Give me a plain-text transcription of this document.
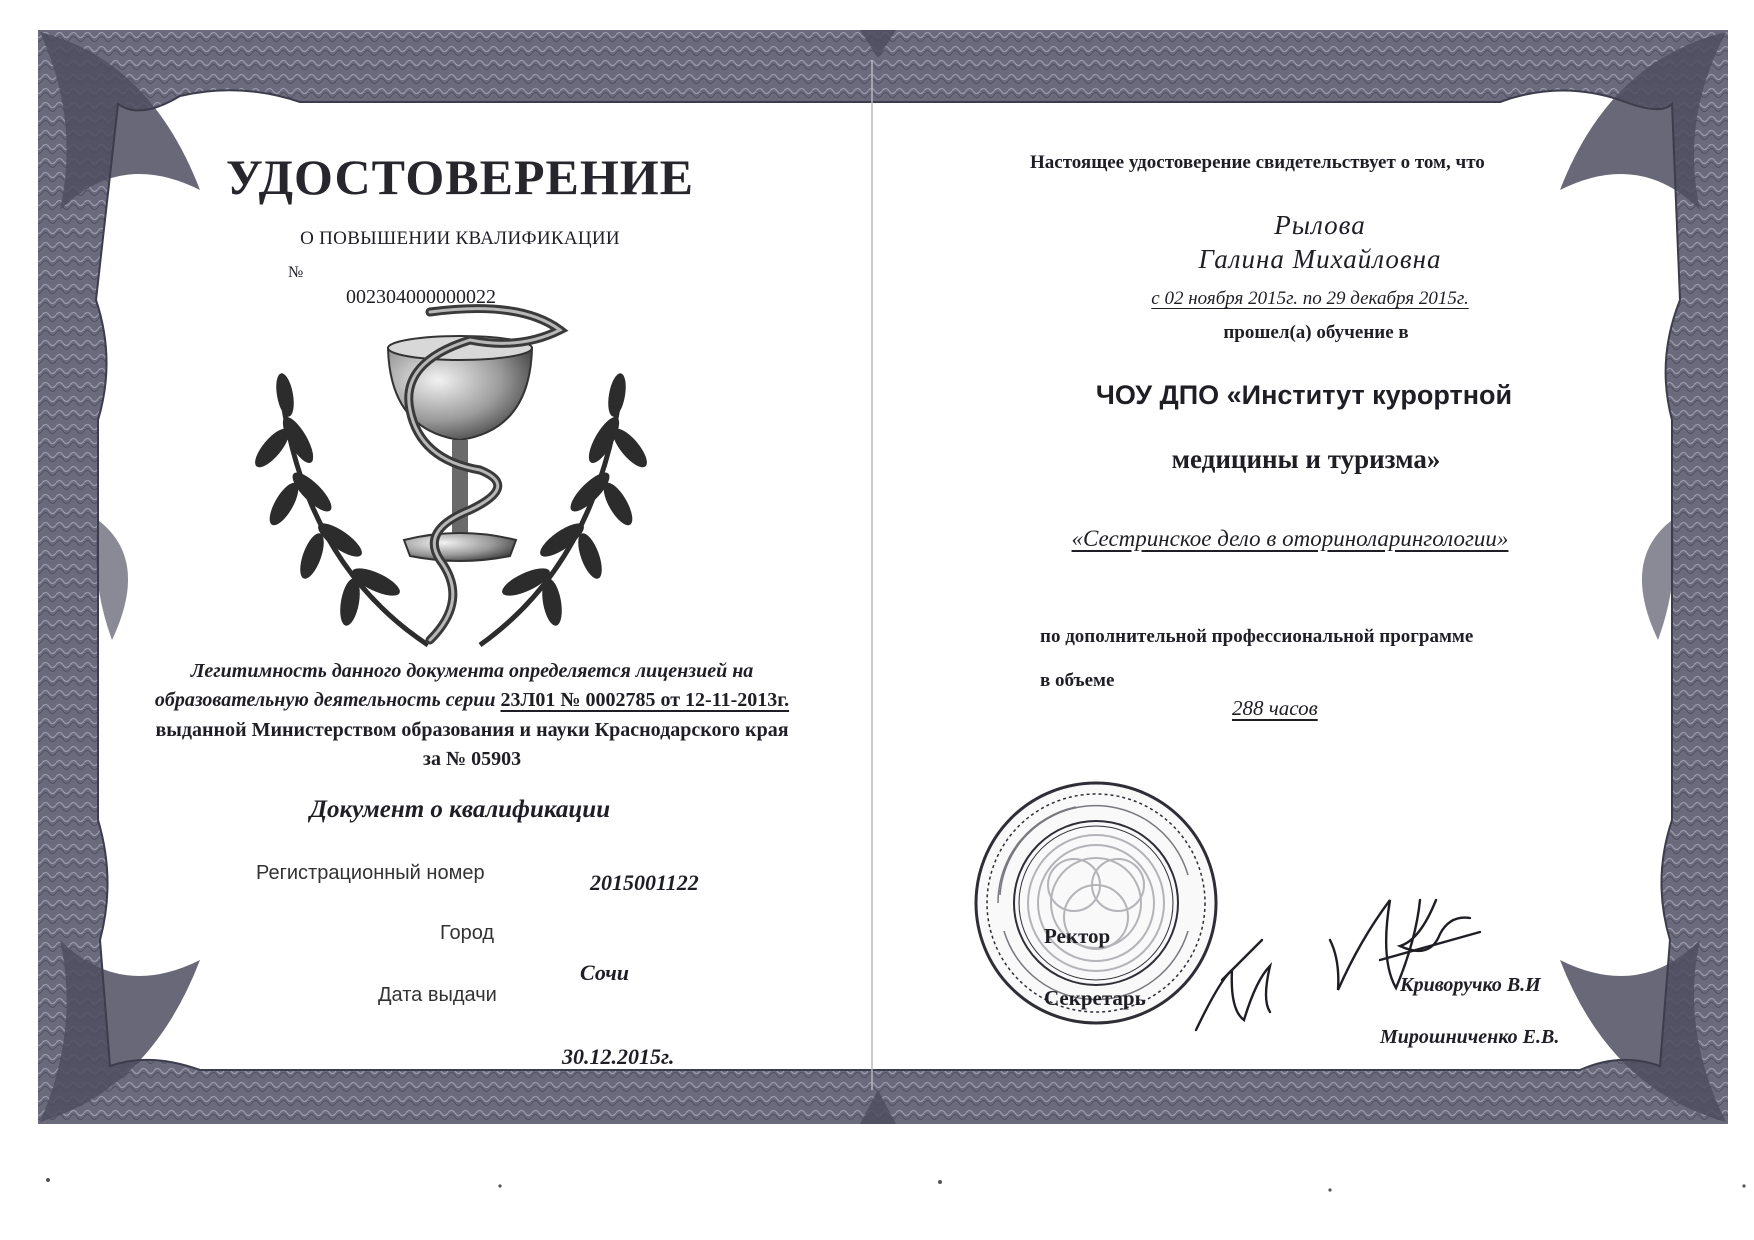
УДОСТОВЕРЕНИЕ
О ПОВЫШЕНИИ КВАЛИФИКАЦИИ
№
002304000000022
Легитимность данного документа определяется лицензией на
образовательную деятельность серии 23Л01 № 0002785 от 12-11-2013г.
выданной Министерством образования и науки Краснодарского края
за № 05903
Документ о квалификации
Регистрационный номер	2015001122
Город
Сочи
Дата выдачи
30.12.2015г.
Настоящее удостоверение свидетельствует о том, что
Рылова
Галина Михайловна
с 02 ноября 2015г. по 29 декабря 2015г.
прошел(а) обучение в
ЧОУ ДПО «Институт курортной
медицины и туризма»
«Сестринское дело в оториноларингологии»
по дополнительной профессиональной программе
в объеме
288 часов
Ректор
Секретарь
Криворучко В.И
Мирошниченко Е.В.
